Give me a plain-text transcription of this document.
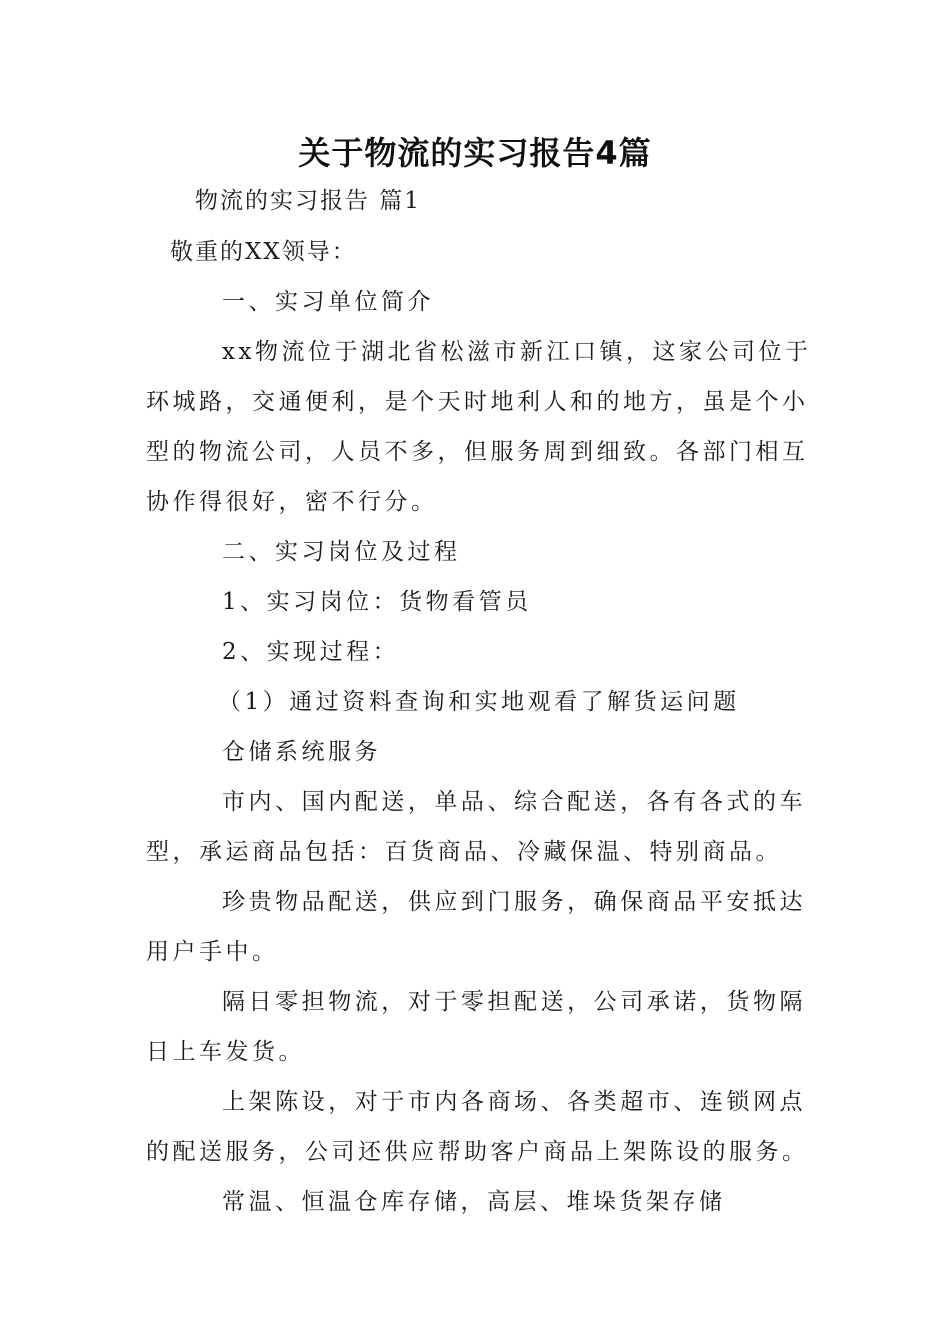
关于物流的实习报告4篇
物流的实习报告 篇1
敬重的XX领导：
一、实习单位简介
xx物流位于湖北省松滋市新江口镇，这家公司位于
环城路，交通便利，是个天时地利人和的地方，虽是个小
型的物流公司，人员不多，但服务周到细致。各部门相互
协作得很好，密不行分。
二、实习岗位及过程
1、实习岗位：货物看管员
2、实现过程：
（1）通过资料查询和实地观看了解货运问题
仓储系统服务
市内、国内配送，单品、综合配送，各有各式的车
型，承运商品包括：百货商品、冷藏保温、特别商品。
珍贵物品配送，供应到门服务，确保商品平安抵达
用户手中。
隔日零担物流，对于零担配送，公司承诺，货物隔
日上车发货。
上架陈设，对于市内各商场、各类超市、连锁网点
的配送服务，公司还供应帮助客户商品上架陈设的服务。
常温、恒温仓库存储，高层、堆垛货架存储
